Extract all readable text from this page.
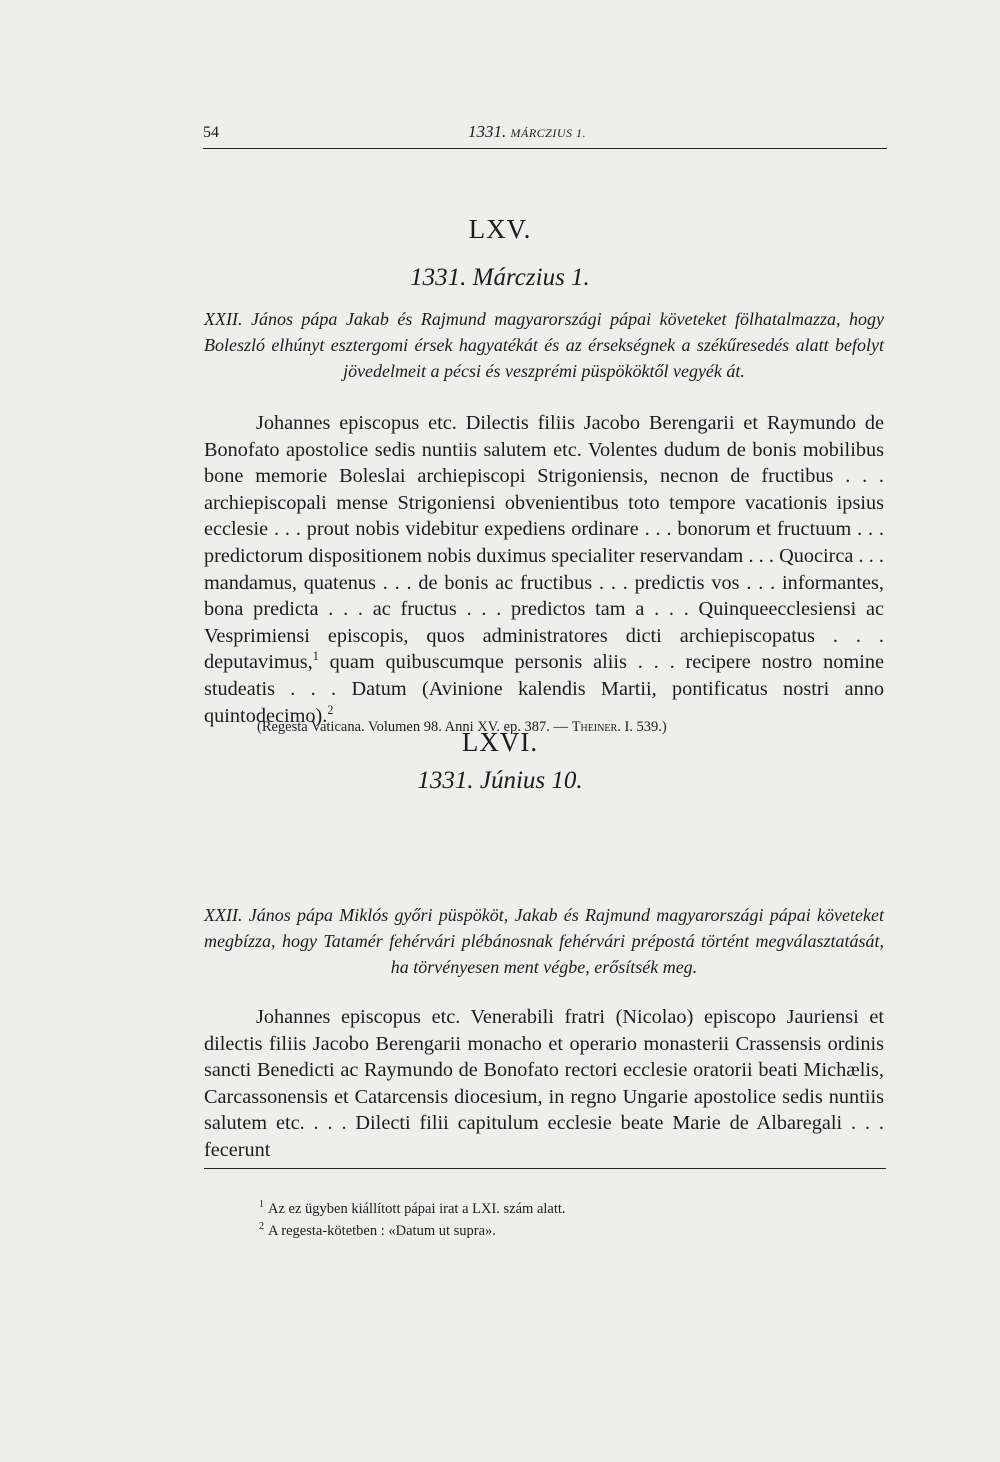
54	1331. MÁRCZIUS 1.
LXV.
1331. Márczius 1.
XXII. János pápa Jakab és Rajmund magyarországi pápai követeket fölhatalmazza, hogy Boleszló elhúnyt esztergomi érsek hagyatékát és az érsekségnek a székűresedés alatt befolyt jövedelmeit a pécsi és veszprémi püspököktől vegyék át.
Johannes episcopus etc. Dilectis filiis Jacobo Berengarii et Raymundo de Bonofato apostolice sedis nuntiis salutem etc. Volentes dudum de bonis mobilibus bone memorie Boleslai archiepiscopi Strigoniensis, necnon de fructibus . . . archiepiscopali mense Strigoniensi obvenientibus toto tempore vacationis ipsius ecclesie . . . prout nobis videbitur expediens ordinare . . . bonorum et fructuum . . . predictorum dispositionem nobis duximus specialiter reservandam . . . Quocirca . . . mandamus, quatenus . . . de bonis ac fructibus . . . predictis vos . . . informantes, bona predicta . . . ac fructus . . . predictos tam a . . . Quinqueecclesiensi ac Vesprimiensi episcopis, quos administratores dicti archiepiscopatus . . . deputavimus,$^1$ quam quibuscumque personis aliis . . . recipere nostro nomine studeatis . . . Datum (Avinione kalendis Martii, pontificatus nostri anno quintodecimo).$^2$
(Regesta Vaticana. Volumen 98. Anni XV. ep. 387. — Theiner. I. 539.)
LXVI.
1331. Június 10.
XXII. János pápa Miklós győri püspököt, Jakab és Rajmund magyarországi pápai követeket megbízza, hogy Tatamér fehérvári plébánosnak fehérvári prépostá történt megválasztatását, ha törvényesen ment végbe, erősítsék meg.
Johannes episcopus etc. Venerabili fratri (Nicolao) episcopo Jauriensi et dilectis filiis Jacobo Berengarii monacho et operario monasterii Crassensis ordinis sancti Benedicti ac Raymundo de Bonofato rectori ecclesie oratorii beati Michælis, Carcassonensis et Catarcensis diocesium, in regno Ungarie apostolice sedis nuntiis salutem etc. . . . Dilecti filii capitulum ecclesie beate Marie de Albaregali . . . fecerunt
$^1$ Az ez ügyben kiállított pápai irat a LXI. szám alatt.
$^2$ A regesta-kötetben : «Datum ut supra».
